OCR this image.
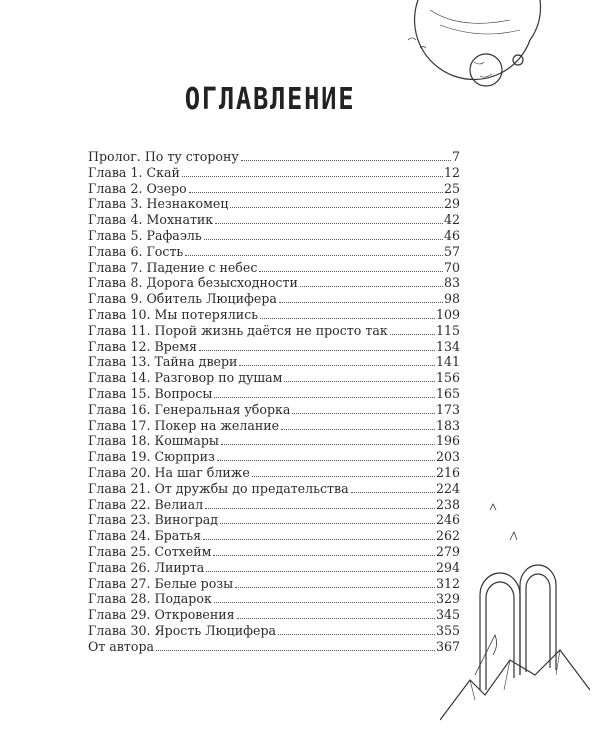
ОГЛАВЛЕНИЕ
Пролог. По ту сторону	7
Глава 1. Скай	12
Глава 2. Озеро	25
Глава 3. Незнакомец	29
Глава 4. Мохнатик	42
Глава 5. Рафаэль	46
Глава 6. Гость	57
Глава 7. Падение с небес	70
Глава 8. Дорога безысходности	83
Глава 9. Обитель Люцифера	98
Глава 10. Мы потерялись	109
Глава 11. Порой жизнь даётся не просто так	115
Глава 12. Время	134
Глава 13. Тайна двери	141
Глава 14. Разговор по душам	156
Глава 15. Вопросы	165
Глава 16. Генеральная уборка	173
Глава 17. Покер на желание	183
Глава 18. Кошмары	196
Глава 19. Сюрприз	203
Глава 20. На шаг ближе	216
Глава 21. От дружбы до предательства	224
Глава 22. Велиал	238
Глава 23. Виноград	246
Глава 24. Братья	262
Глава 25. Сотхейм	279
Глава 26. Лиирта	294
Глава 27. Белые розы	312
Глава 28. Подарок	329
Глава 29. Откровения	345
Глава 30. Ярость Люцифера	355
От автора	367
